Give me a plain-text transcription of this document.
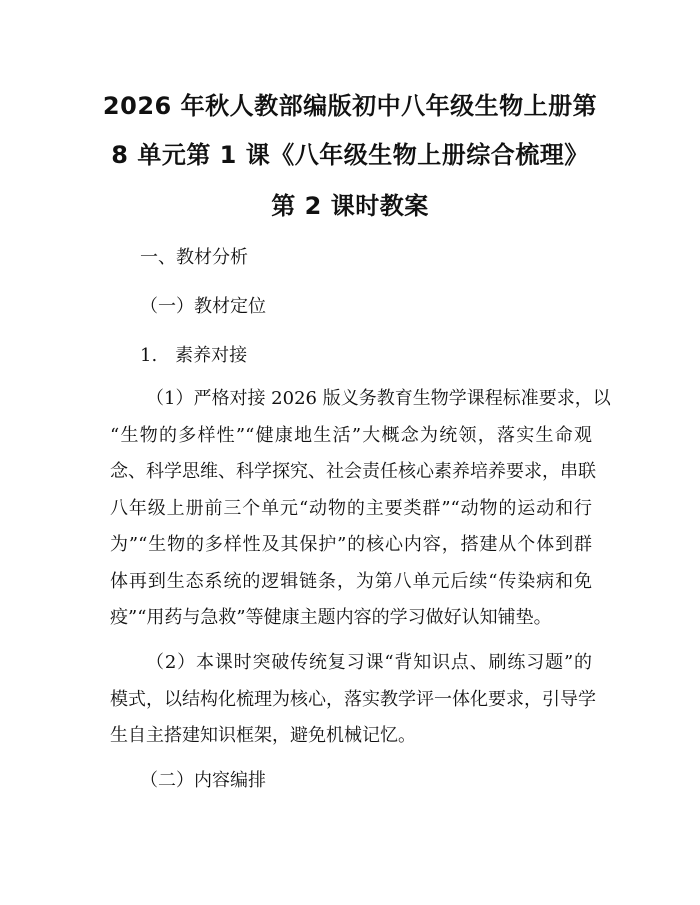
2026 年秋人教部编版初中八年级生物上册第
8 单元第 1 课《八年级生物上册综合梳理》
第 2 课时教案
一、教材分析
（一）教材定位
1.　素养对接
（1）严格对接 2026 版义务教育生物学课程标准要求，以
“生物的多样性”“健康地生活”大概念为统领，落实生命观
念、科学思维、科学探究、社会责任核心素养培养要求，串联
八年级上册前三个单元“动物的主要类群”“动物的运动和行
为”“生物的多样性及其保护”的核心内容，搭建从个体到群
体再到生态系统的逻辑链条，为第八单元后续“传染病和免
疫”“用药与急救”等健康主题内容的学习做好认知铺垫。
（2）本课时突破传统复习课“背知识点、刷练习题”的
模式，以结构化梳理为核心，落实教学评一体化要求，引导学
生自主搭建知识框架，避免机械记忆。
（二）内容编排
